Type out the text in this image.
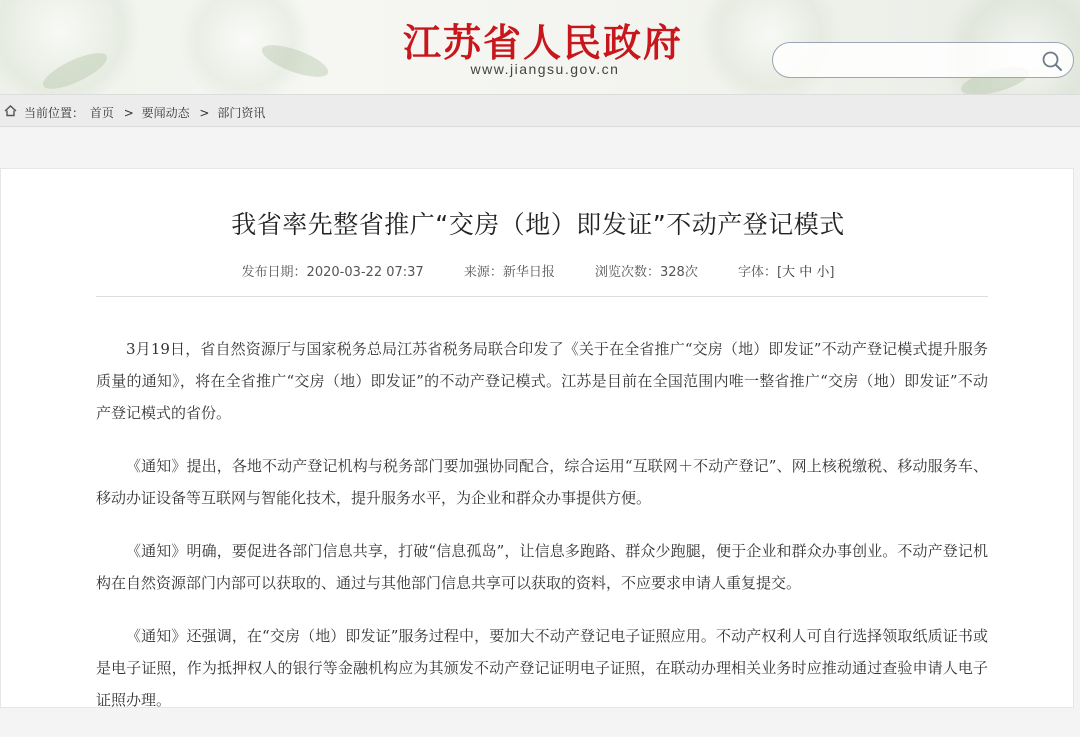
江苏省人民政府
www.jiangsu.gov.cn
当前位置： 首页 > 要闻动态 > 部门资讯
我省率先整省推广“交房（地）即发证”不动产登记模式
发布日期：2020-03-22 07:37	来源：新华日报	浏览次数：328次	字体：[大 中 小]

3月19日，省自然资源厅与国家税务总局江苏省税务局联合印发了《关于在全省推广“交房（地）即发证”不动产登记模式提升服务质量的通知》，将在全省推广“交房（地）即发证”的不动产登记模式。江苏是目前在全国范围内唯一整省推广“交房（地）即发证”不动产登记模式的省份。

《通知》提出，各地不动产登记机构与税务部门要加强协同配合，综合运用“互联网＋不动产登记”、网上核税缴税、移动服务车、移动办证设备等互联网与智能化技术，提升服务水平，为企业和群众办事提供方便。

《通知》明确，要促进各部门信息共享，打破“信息孤岛”，让信息多跑路、群众少跑腿，便于企业和群众办事创业。不动产登记机构在自然资源部门内部可以获取的、通过与其他部门信息共享可以获取的资料，不应要求申请人重复提交。

《通知》还强调，在“交房（地）即发证”服务过程中，要加大不动产登记电子证照应用。不动产权利人可自行选择领取纸质证书或是电子证照，作为抵押权人的银行等金融机构应为其颁发不动产登记证明电子证照，在联动办理相关业务时应推动通过查验申请人电子证照办理。
